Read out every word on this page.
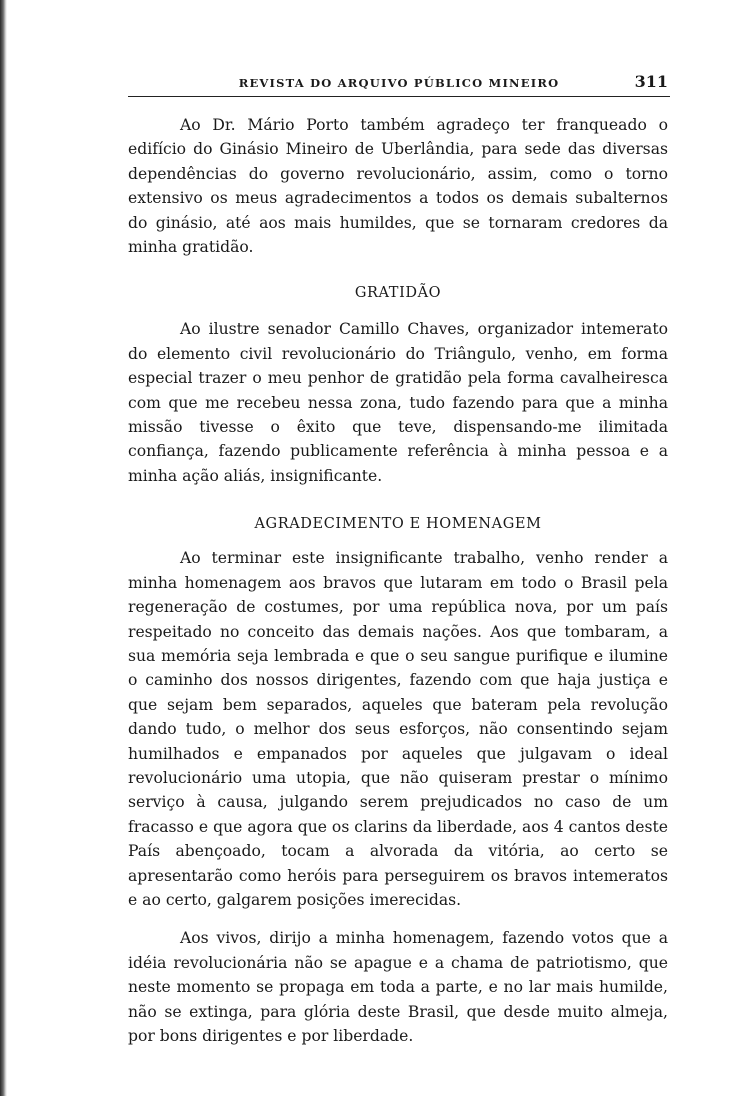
REVISTA DO ARQUIVO PÚBLICO MINEIRO	311

Ao Dr. Mário Porto também agradeço ter franqueado o edifício do Ginásio Mineiro de Uberlândia, para sede das diversas dependências do governo revolucionário, assim, como o torno extensivo os meus agradecimentos a todos os demais subalternos do ginásio, até aos mais humildes, que se tornaram credores da minha gratidão.

GRATIDÃO

Ao ilustre senador Camillo Chaves, organizador intemerato do elemento civil revolucionário do Triângulo, venho, em forma especial trazer o meu penhor de gratidão pela forma cavalheiresca com que me recebeu nessa zona, tudo fazendo para que a minha missão tivesse o êxito que teve, dispensando-me ilimitada confiança, fazendo publicamente referência à minha pessoa e a minha ação aliás, insignificante.

AGRADECIMENTO E HOMENAGEM

Ao terminar este insignificante trabalho, venho render a minha homenagem aos bravos que lutaram em todo o Brasil pela regeneração de costumes, por uma república nova, por um país respeitado no conceito das demais nações. Aos que tombaram, a sua memória seja lembrada e que o seu sangue purifique e ilumine o caminho dos nossos dirigentes, fazendo com que haja justiça e que sejam bem separados, aqueles que bateram pela revolução dando tudo, o melhor dos seus esforços, não consentindo sejam humilhados e empanados por aqueles que julgavam o ideal revolucionário uma utopia, que não quiseram prestar o mínimo serviço à causa, julgando serem prejudicados no caso de um fracasso e que agora que os clarins da liberdade, aos 4 cantos deste País abençoado, tocam a alvorada da vitória, ao certo se apresentarão como heróis para perseguirem os bravos intemeratos e ao certo, galgarem posições imerecidas.

Aos vivos, dirijo a minha homenagem, fazendo votos que a idéia revolucionária não se apague e a chama de patriotismo, que neste momento se propaga em toda a parte, e no lar mais humilde, não se extinga, para glória deste Brasil, que desde muito almeja, por bons dirigentes e por liberdade.
